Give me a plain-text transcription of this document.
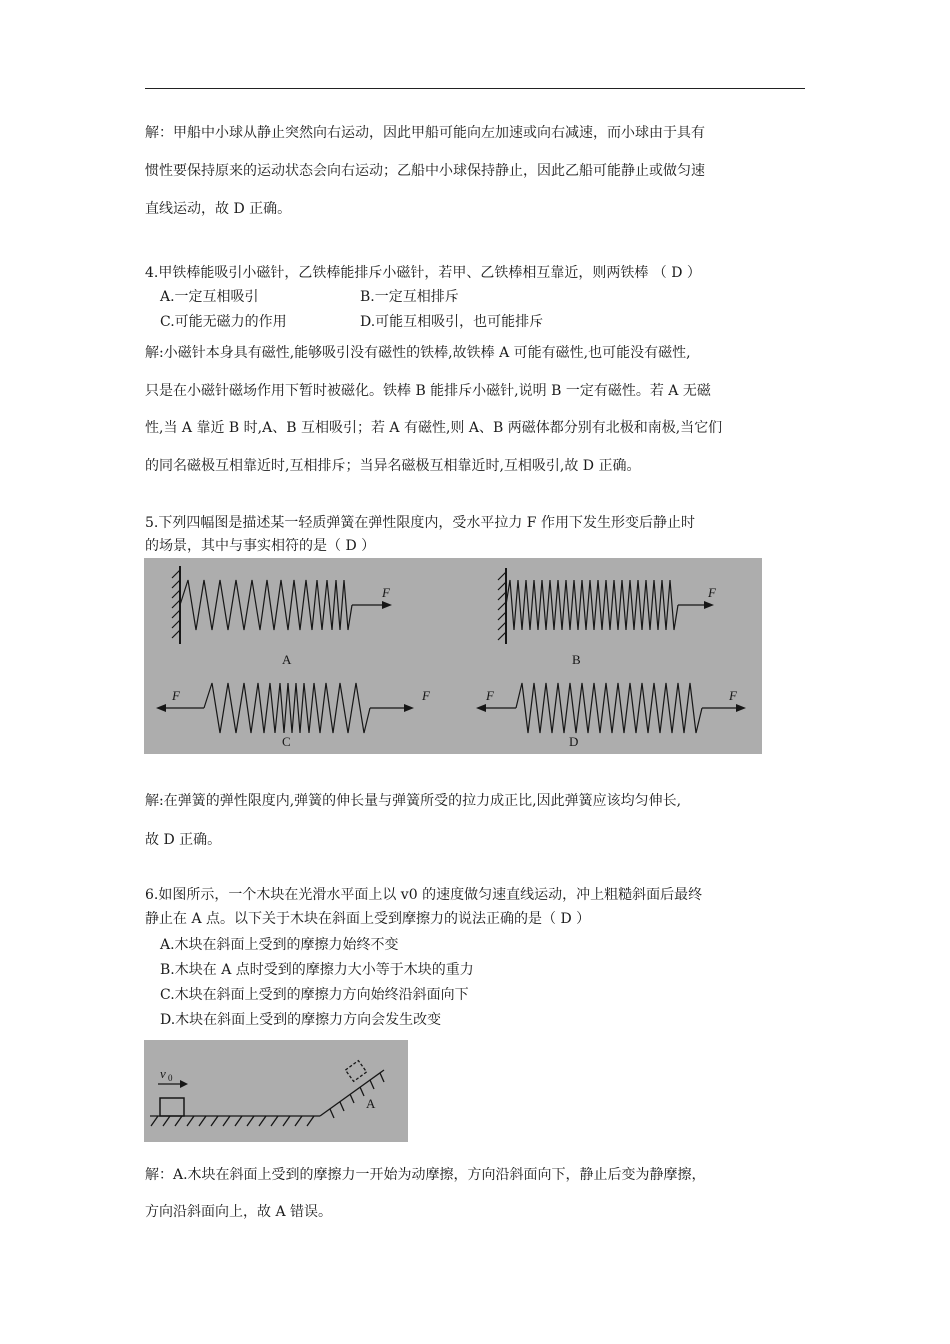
解：甲船中小球从静止突然向右运动，因此甲船可能向左加速或向右减速，而小球由于具有
惯性要保持原来的运动状态会向右运动；乙船中小球保持静止，因此乙船可能静止或做匀速
直线运动，故 D 正确。
4.甲铁棒能吸引小磁针，乙铁棒能排斥小磁针，若甲、乙铁棒相互靠近，则两铁棒 （ D ）
A.一定互相吸引	B.一定互相排斥
C.可能无磁力的作用	D.可能互相吸引，也可能排斥
解:小磁针本身具有磁性,能够吸引没有磁性的铁棒,故铁棒 A 可能有磁性,也可能没有磁性,
只是在小磁针磁场作用下暂时被磁化。铁棒 B 能排斥小磁针,说明 B 一定有磁性。若 A 无磁
性,当 A 靠近 B 时,A、B 互相吸引；若 A 有磁性,则 A、B 两磁体都分别有北极和南极,当它们
的同名磁极互相靠近时,互相排斥；当异名磁极互相靠近时,互相吸引,故 D 正确。
5.下列四幅图是描述某一轻质弹簧在弹性限度内，受水平拉力 F 作用下发生形变后静止时
的场景，其中与事实相符的是（ D ）
F	F
F	F	F	F
A	B
C	D
解:在弹簧的弹性限度内,弹簧的伸长量与弹簧所受的拉力成正比,因此弹簧应该均匀伸长,
故 D 正确。
6.如图所示，一个木块在光滑水平面上以 v0 的速度做匀速直线运动，冲上粗糙斜面后最终
静止在 A 点。以下关于木块在斜面上受到摩擦力的说法正确的是（ D ）
A.木块在斜面上受到的摩擦力始终不变
B.木块在 A 点时受到的摩擦力大小等于木块的重力
C.木块在斜面上受到的摩擦力方向始终沿斜面向下
D.木块在斜面上受到的摩擦力方向会发生改变
v 0
A
解：A.木块在斜面上受到的摩擦力一开始为动摩擦，方向沿斜面向下，静止后变为静摩擦，
方向沿斜面向上，故 A 错误。
